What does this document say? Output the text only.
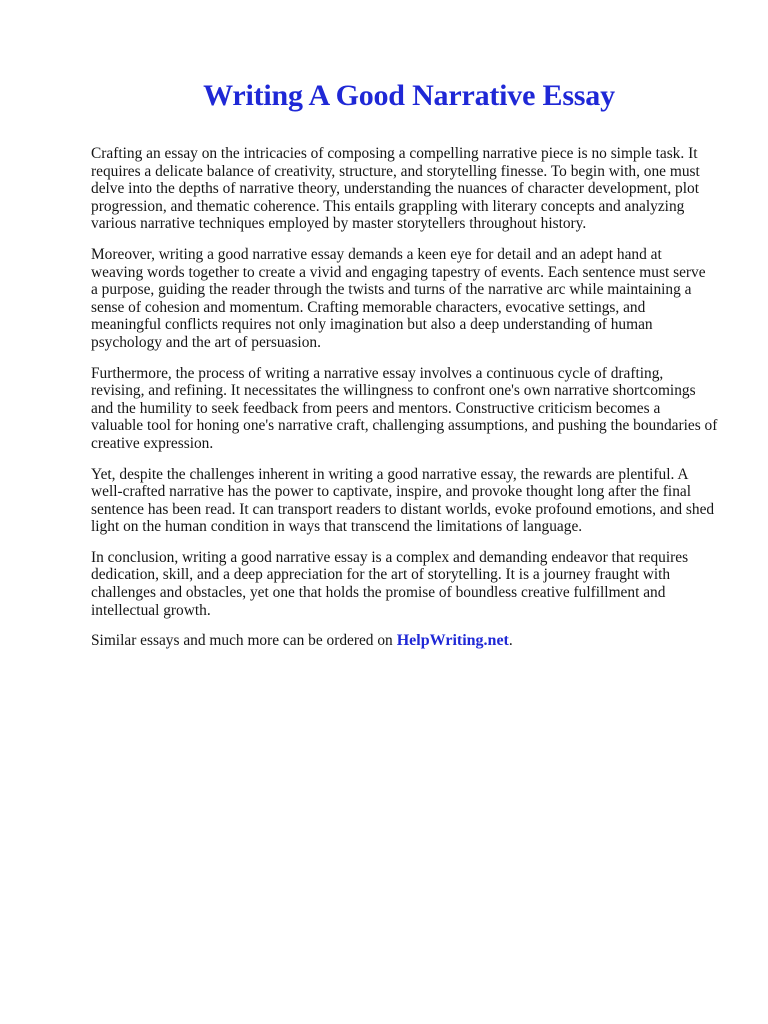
Writing A Good Narrative Essay

Crafting an essay on the intricacies of composing a compelling narrative piece is no simple task. It
requires a delicate balance of creativity, structure, and storytelling finesse. To begin with, one must
delve into the depths of narrative theory, understanding the nuances of character development, plot
progression, and thematic coherence. This entails grappling with literary concepts and analyzing
various narrative techniques employed by master storytellers throughout history.

Moreover, writing a good narrative essay demands a keen eye for detail and an adept hand at
weaving words together to create a vivid and engaging tapestry of events. Each sentence must serve
a purpose, guiding the reader through the twists and turns of the narrative arc while maintaining a
sense of cohesion and momentum. Crafting memorable characters, evocative settings, and
meaningful conflicts requires not only imagination but also a deep understanding of human
psychology and the art of persuasion.

Furthermore, the process of writing a narrative essay involves a continuous cycle of drafting,
revising, and refining. It necessitates the willingness to confront one's own narrative shortcomings
and the humility to seek feedback from peers and mentors. Constructive criticism becomes a
valuable tool for honing one's narrative craft, challenging assumptions, and pushing the boundaries of
creative expression.

Yet, despite the challenges inherent in writing a good narrative essay, the rewards are plentiful. A
well-crafted narrative has the power to captivate, inspire, and provoke thought long after the final
sentence has been read. It can transport readers to distant worlds, evoke profound emotions, and shed
light on the human condition in ways that transcend the limitations of language.

In conclusion, writing a good narrative essay is a complex and demanding endeavor that requires
dedication, skill, and a deep appreciation for the art of storytelling. It is a journey fraught with
challenges and obstacles, yet one that holds the promise of boundless creative fulfillment and
intellectual growth.

Similar essays and much more can be ordered on HelpWriting.net.
